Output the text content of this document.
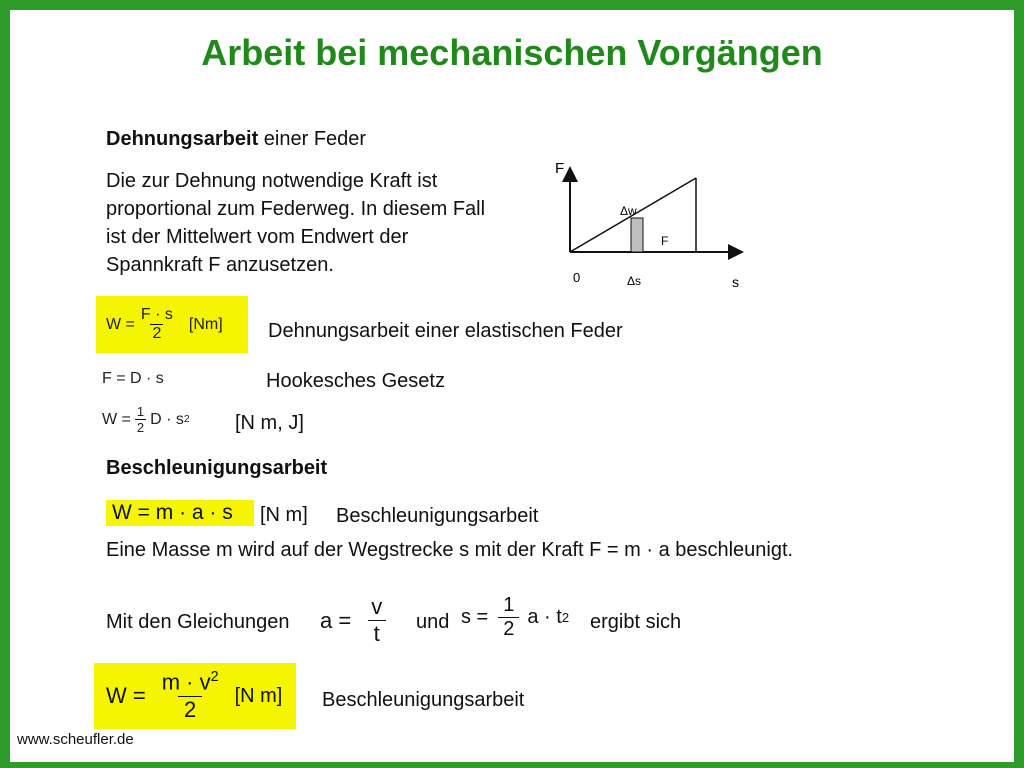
Arbeit bei mechanischen Vorgängen
Dehnungsarbeit einer Feder
Die zur Dehnung notwendige Kraft ist proportional zum Federweg. In diesem Fall ist der Mittelwert vom Endwert der Spannkraft F anzusetzen.
F
s
0
Δw
F
Δs
$W = \frac{F \cdot s}{2} [Nm]$ Dehnungsarbeit einer elastischen Feder
F = D · s	Hookesches Gesetz
$W = \frac{1}{2}$ D · s 2 [N m, J]
Beschleunigungsarbeit
W = m · a · s [N m] Beschleunigungsarbeit
Eine Masse m wird auf der Wegstrecke s mit der Kraft F = m · a beschleunigt.
Mit den Gleichungen $a = \frac{v}{t}$ und $s = \frac{1}{2}$ a · t 2 ergibt sich
$W = \frac{m \cdot v^2}{2} [N$ m] Beschleunigungsarbeit
www.scheufler.de
